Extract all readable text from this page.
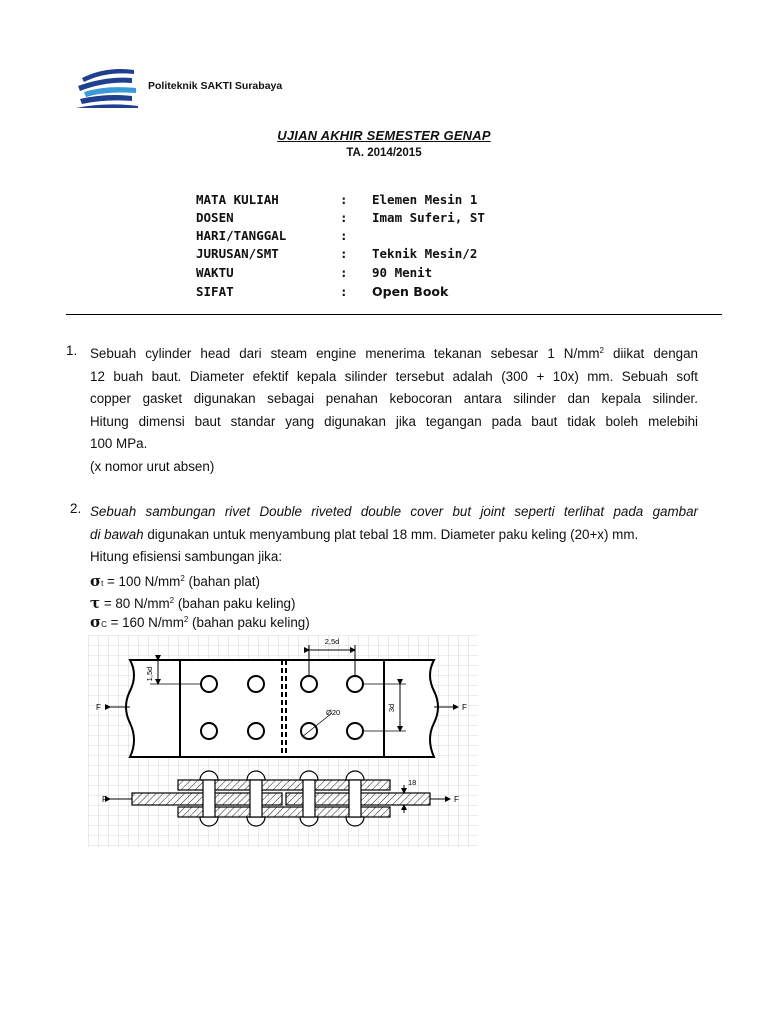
Politeknik SAKTI Surabaya
UJIAN AKHIR SEMESTER GENAP
TA. 2014/2015
MATA KULIAH	: Elemen Mesin 1
DOSEN	: Imam Suferi, ST
HARI/TANGGAL	:
JURUSAN/SMT	: Teknik Mesin/2
WAKTU	: 90 Menit
SIFAT	: Open Book
1. Sebuah cylinder head dari steam engine menerima tekanan sebesar 1 $N/mm^2$ diikat dengan
12 buah baut. Diameter efektif kepala silinder tersebut adalah (300 + 10x) mm. Sebuah soft
copper gasket digunakan sebagai penahan kebocoran antara silinder dan kepala silinder.
Hitung dimensi baut standar yang digunakan jika tegangan pada baut tidak boleh melebihi
100 MPa.
(x nomor urut absen)
2. Sebuah sambungan rivet Double riveted double cover but joint seperti terlihat pada gambar
di bawah digunakan untuk menyambung plat tebal 18 mm. Diameter paku keling (20+x) mm.
Hitung efisiensi sambungan jika:
σt = 100 $N/mm^2$ (bahan plat)
τ = 80 $N/mm^2$ (bahan paku keling)
σC = 160 $N/mm^2$ (bahan paku keling)
2,5d
1,5d
3d
Ø20
F	F
18
F	F
